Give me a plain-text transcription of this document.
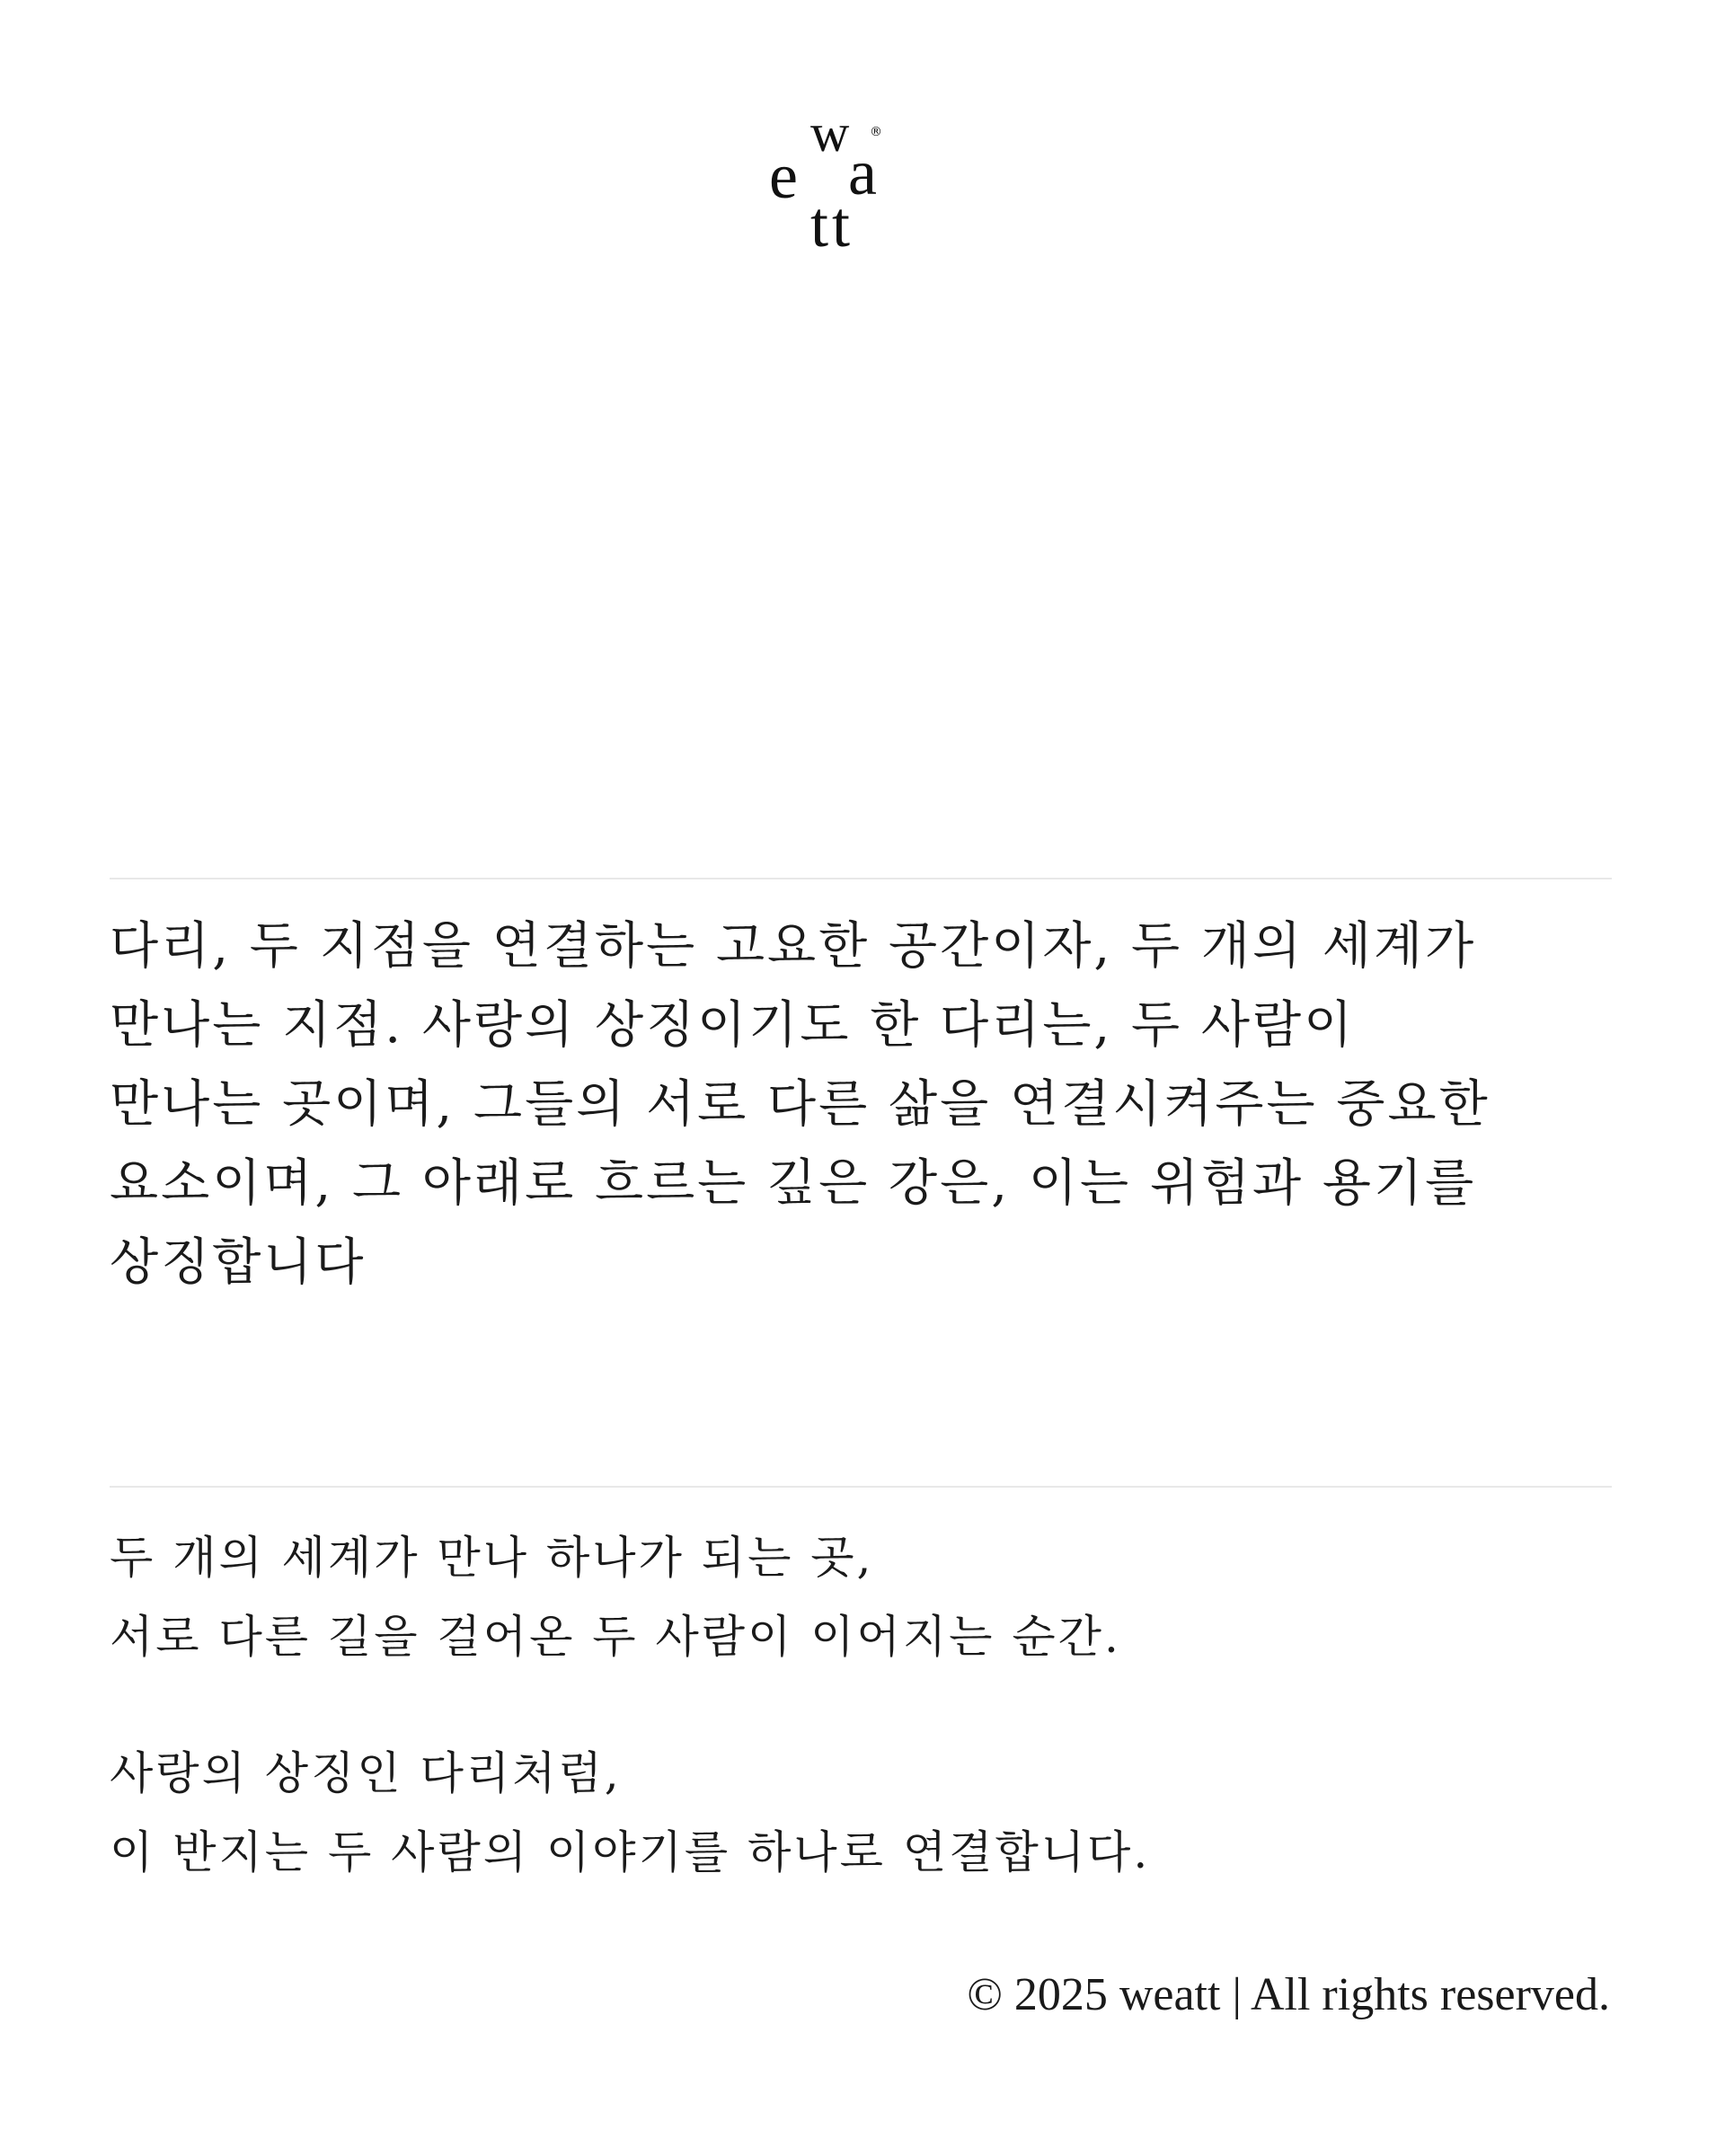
e
w
a
t t
®
다리, 두 지점을 연결하는 고요한 공간이자, 두 개의 세계가
만나는 지점. 사랑의 상징이기도 한 다리는, 두 사람이
만나는 곳이며, 그들의 서로 다른 삶을 연결시켜주는 중요한
요소이며, 그 아래로 흐르는 깊은 강은, 이는 위험과 용기를
상징합니다
두 개의 세계가 만나 하나가 되는 곳,
서로 다른 길을 걸어온 두 사람이 이어지는 순간.
사랑의 상징인 다리처럼,
이 반지는 두 사람의 이야기를 하나로 연결합니다.
© 2025 weatt | All rights reserved.
